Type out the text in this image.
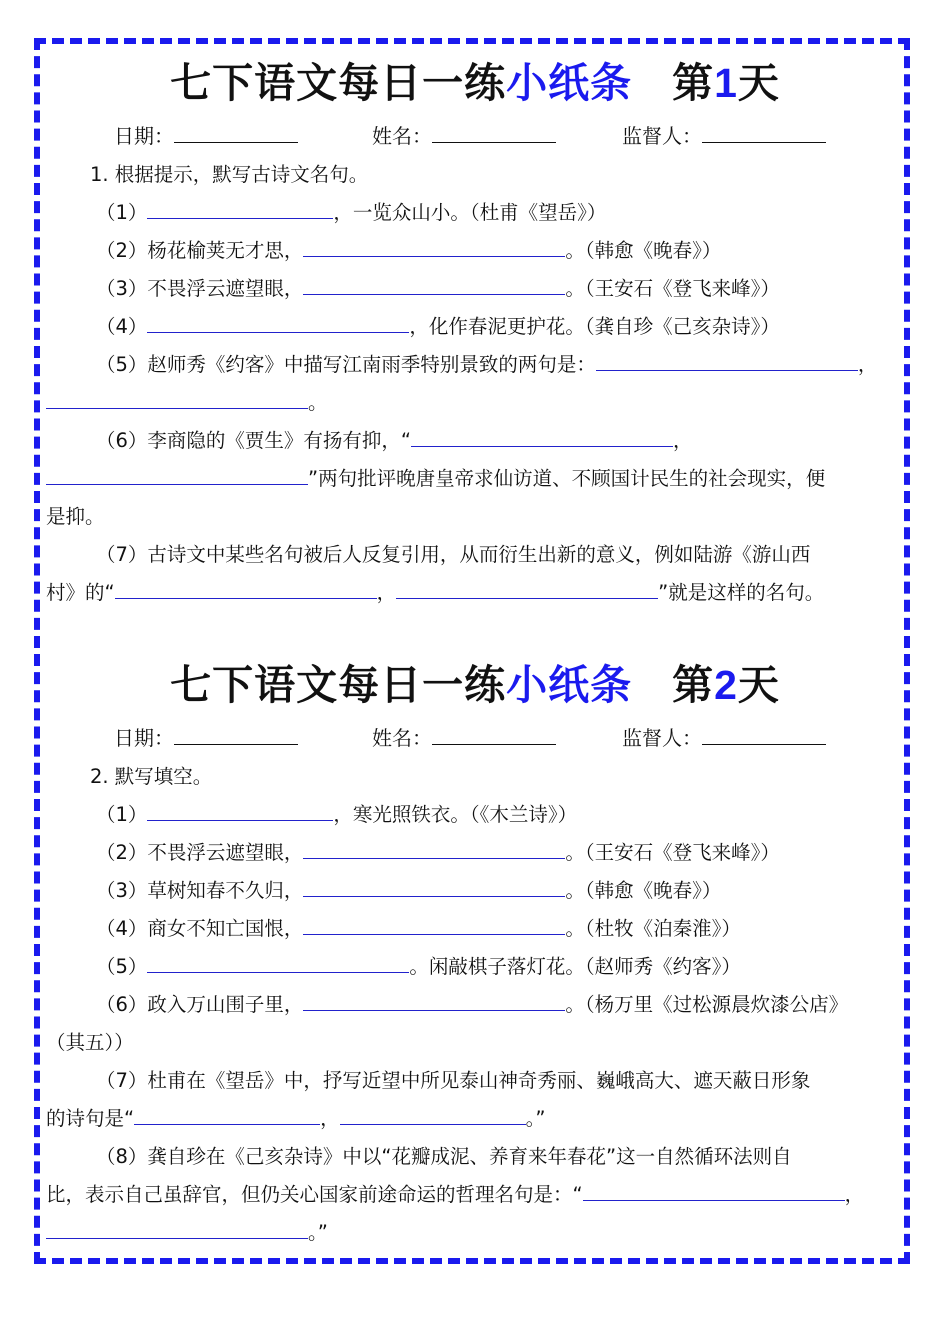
七下语文每日一练小纸条 第1天
日期：	姓名：	监督人：
1. 根据提示，默写古诗文名句。
（1）	，一览众山小。（杜甫《望岳》）
（2）杨花榆荚无才思，	。（韩愈《晚春》）
（3）不畏浮云遮望眼，	。（王安石《登飞来峰》）
（4）	，化作春泥更护花。（龚自珍《己亥杂诗》）
（5）赵师秀《约客》中描写江南雨季特别景致的两句是：	，
。
（6）李商隐的《贾生》有扬有抑，“	，
”两句批评晚唐皇帝求仙访道、不顾国计民生的社会现实，便
是抑。
（7）古诗文中某些名句被后人反复引用，从而衍生出新的意义，例如陆游《游山西
村》的“	，	”就是这样的名句。
七下语文每日一练小纸条 第2天
日期：	姓名：	监督人：
2. 默写填空。
（1）	，寒光照铁衣。（《木兰诗》）
（2）不畏浮云遮望眼，	。（王安石《登飞来峰》）
（3）草树知春不久归，	。（韩愈《晚春》）
（4）商女不知亡国恨，	。（杜牧《泊秦淮》）
（5）	。闲敲棋子落灯花。（赵师秀《约客》）
（6）政入万山围子里，	。（杨万里《过松源晨炊漆公店》
（其五））
（7）杜甫在《望岳》中，抒写近望中所见泰山神奇秀丽、巍峨高大、遮天蔽日形象
的诗句是“	，	。”
（8）龚自珍在《己亥杂诗》中以“花瓣成泥、养育来年春花”这一自然循环法则自
比，表示自己虽辞官，但仍关心国家前途命运的哲理名句是：“	，
。”
